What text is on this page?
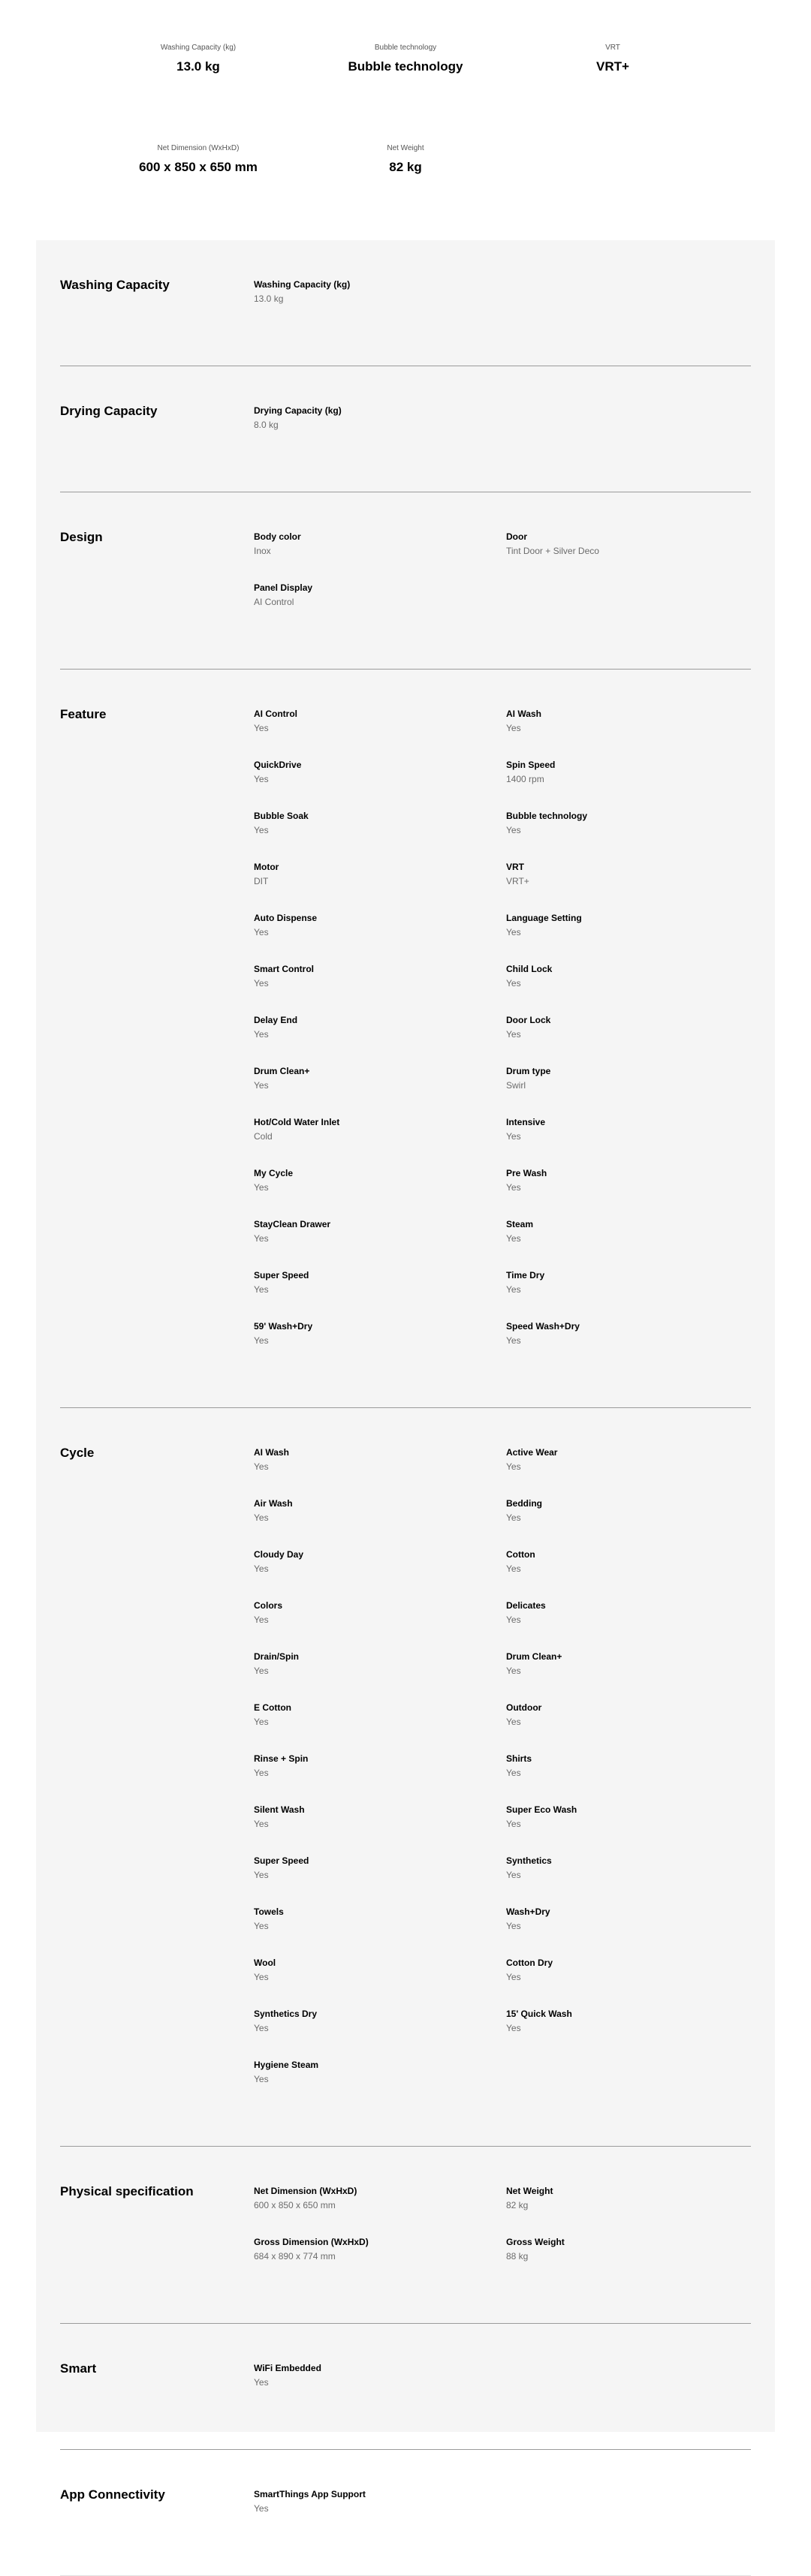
Washing Capacity (kg)
13.0 kg
Bubble technology
Bubble technology
VRT
VRT+
Net Dimension (WxHxD)
600 x 850 x 650 mm
Net Weight
82 kg
Washing Capacity	Washing Capacity (kg)
13.0 kg
Drying Capacity	Drying Capacity (kg)
8.0 kg
Design	Body color
Inox
Door
Tint Door + Silver Deco
Panel Display
AI Control
Feature	AI Control
Yes
AI Wash
Yes
QuickDrive
Yes
Spin Speed
1400 rpm
Bubble Soak
Yes
Bubble technology
Yes
Motor
DIT
VRT
VRT+
Auto Dispense
Yes
Language Setting
Yes
Smart Control
Yes
Child Lock
Yes
Delay End
Yes
Door Lock
Yes
Drum Clean+
Yes
Drum type
Swirl
Hot/Cold Water Inlet
Cold
Intensive
Yes
My Cycle
Yes
Pre Wash
Yes
StayClean Drawer
Yes
Steam
Yes
Super Speed
Yes
Time Dry
Yes
59' Wash+Dry
Yes
Speed Wash+Dry
Yes
Cycle	AI Wash
Yes
Active Wear
Yes
Air Wash
Yes
Bedding
Yes
Cloudy Day
Yes
Cotton
Yes
Colors
Yes
Delicates
Yes
Drain/Spin
Yes
Drum Clean+
Yes
E Cotton
Yes
Outdoor
Yes
Rinse + Spin
Yes
Shirts
Yes
Silent Wash
Yes
Super Eco Wash
Yes
Super Speed
Yes
Synthetics
Yes
Towels
Yes
Wash+Dry
Yes
Wool
Yes
Cotton Dry
Yes
Synthetics Dry
Yes
15' Quick Wash
Yes
Hygiene Steam
Yes
Physical specification	Net Dimension (WxHxD)
600 x 850 x 650 mm
Net Weight
82 kg
Gross Dimension (WxHxD)
684 x 890 x 774 mm
Gross Weight
88 kg
Smart	WiFi Embedded
Yes
App Connectivity	SmartThings App Support
Yes
